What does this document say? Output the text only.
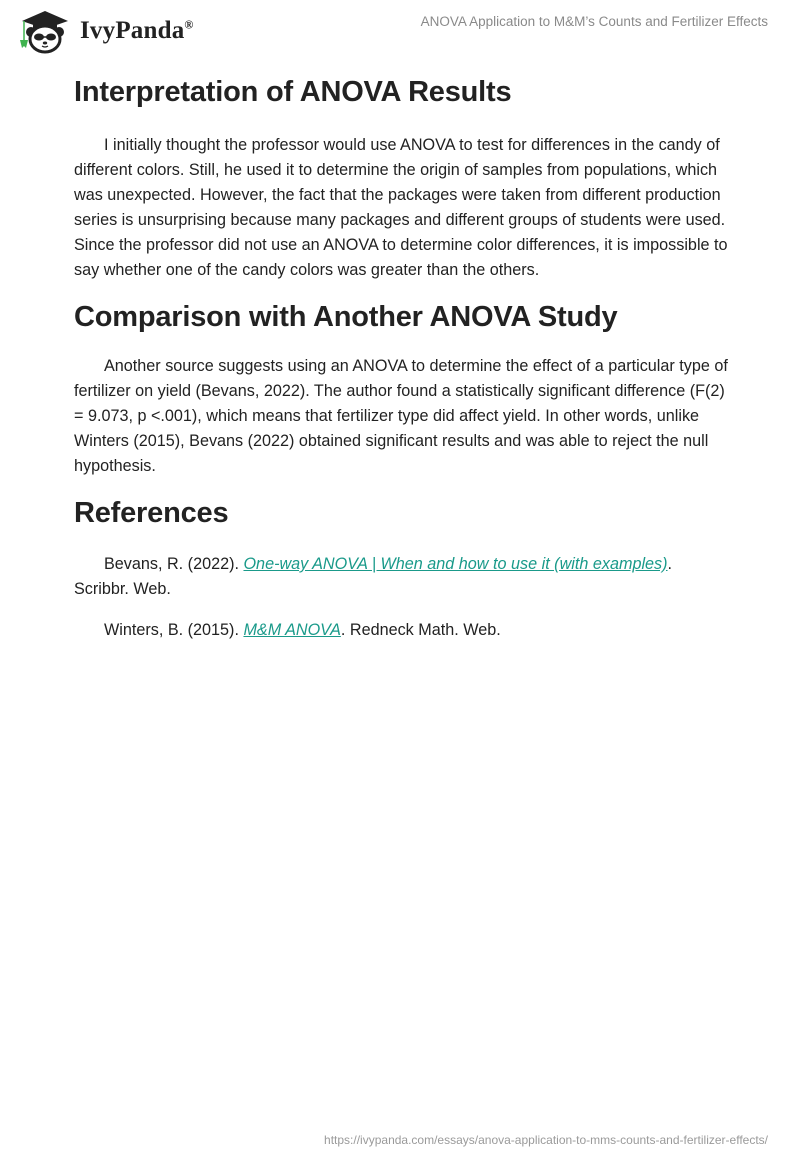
IvyPanda®	ANOVA Application to M&M’s Counts and Fertilizer Effects
Interpretation of ANOVA Results

I initially thought the professor would use ANOVA to test for differences in the candy of different colors. Still, he used it to determine the origin of samples from populations, which was unexpected. However, the fact that the packages were taken from different production series is unsurprising because many packages and different groups of students were used. Since the professor did not use an ANOVA to determine color differences, it is impossible to say whether one of the candy colors was greater than the others.

Comparison with Another ANOVA Study

Another source suggests using an ANOVA to determine the effect of a particular type of fertilizer on yield (Bevans, 2022). The author found a statistically significant difference (F(2) = 9.073, p <.001), which means that fertilizer type did affect yield. In other words, unlike Winters (2015), Bevans (2022) obtained significant results and was able to reject the null hypothesis.

References

Bevans, R. (2022). One-way ANOVA | When and how to use it (with examples). Scribbr. Web.

Winters, B. (2015). M&M ANOVA. Redneck Math. Web.

https://ivypanda.com/essays/anova-application-to-mms-counts-and-fertilizer-effects/
